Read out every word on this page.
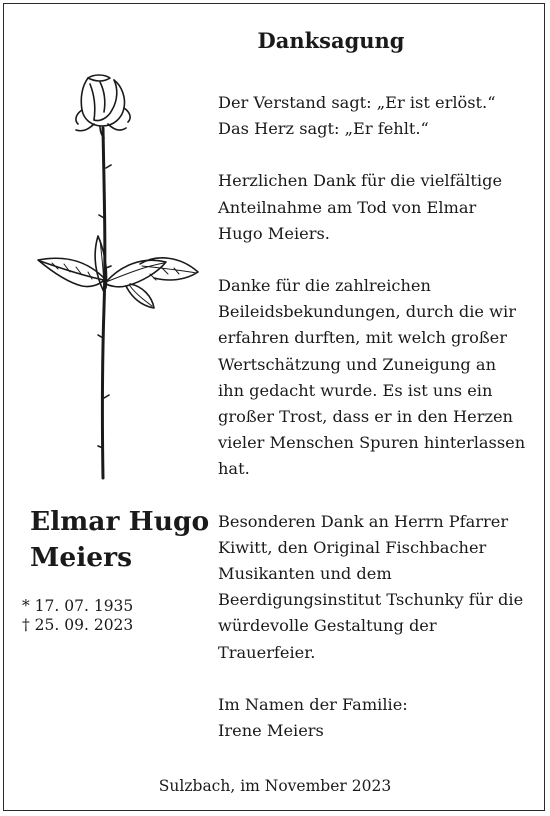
Danksagung
Elmar Hugo
Meiers
* 17. 07. 1935
† 25. 09. 2023

Der Verstand sagt: „Er ist erlöst.“
Das Herz sagt: „Er fehlt.“

Herzlichen Dank für die vielfältige
Anteilnahme am Tod von Elmar
Hugo Meiers.

Danke für die zahlreichen
Beileidsbekundungen, durch die wir
erfahren durften, mit welch großer
Wertschätzung und Zuneigung an
ihn gedacht wurde. Es ist uns ein
großer Trost, dass er in den Herzen
vieler Menschen Spuren hinterlassen
hat.

Besonderen Dank an Herrn Pfarrer
Kiwitt, den Original Fischbacher
Musikanten und dem
Beerdigungsinstitut Tschunky für die
würdevolle Gestaltung der
Trauerfeier.

Im Namen der Familie:
Irene Meiers

Sulzbach, im November 2023
